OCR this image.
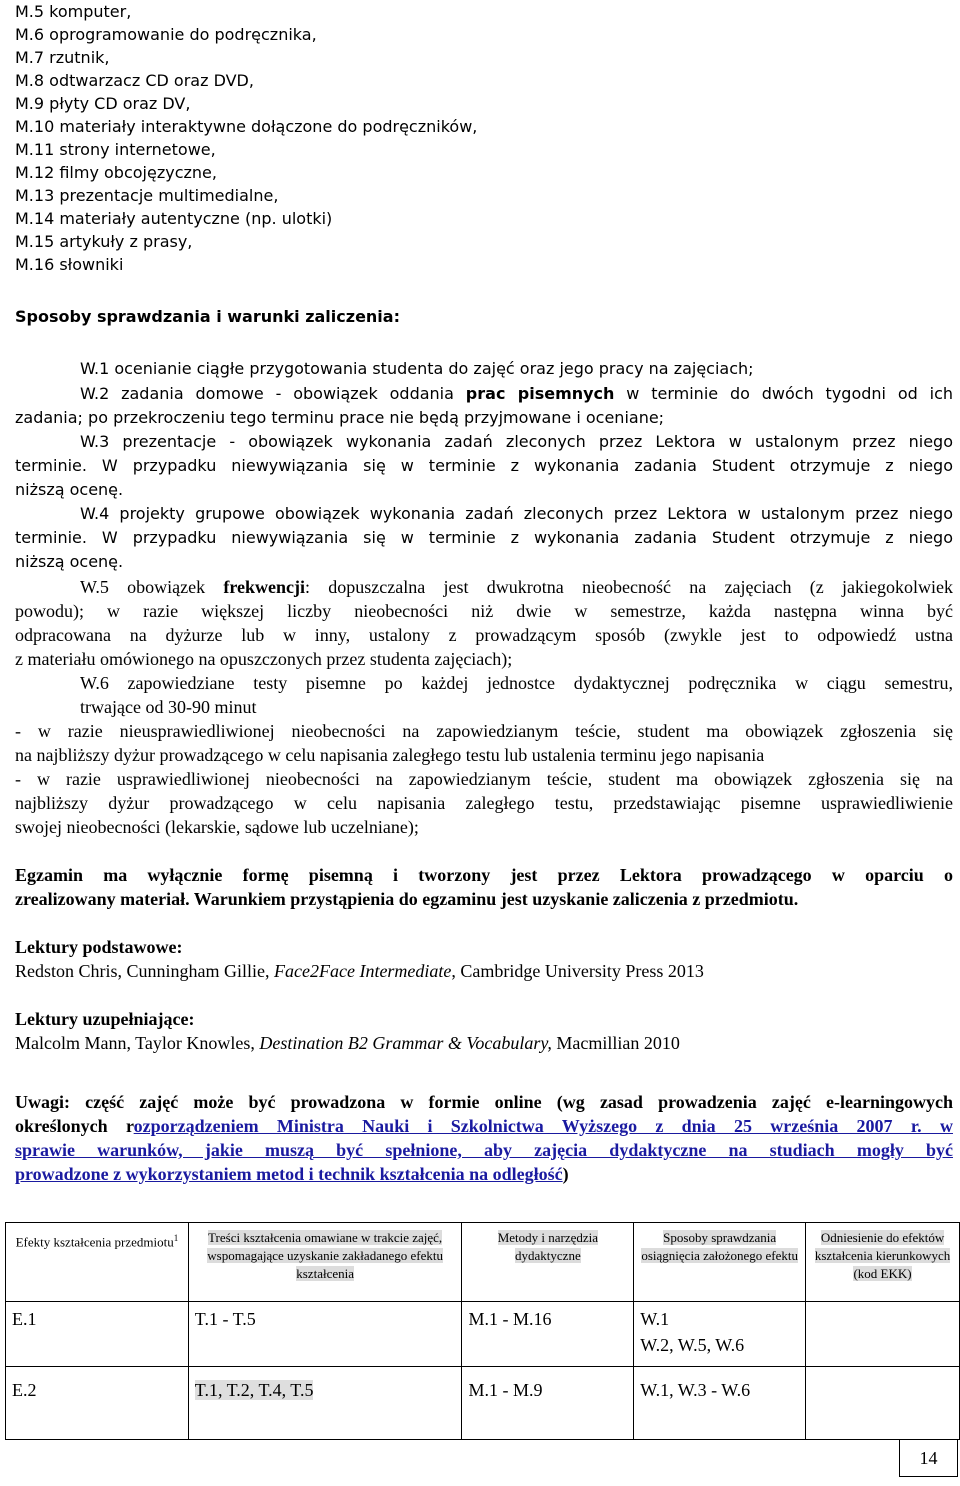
M.5 komputer,
M.6 oprogramowanie do podręcznika,
M.7 rzutnik,
M.8 odtwarzacz CD oraz DVD,
M.9 płyty CD oraz DV,
M.10 materiały interaktywne dołączone do podręczników,
M.11 strony internetowe,
M.12 filmy obcojęzyczne,
M.13 prezentacje multimedialne,
M.14 materiały autentyczne (np. ulotki)
M.15 artykuły z prasy,
M.16 słowniki
Sposoby sprawdzania i warunki zaliczenia:
W.1 ocenianie ciągłe przygotowania studenta do zajęć oraz jego pracy na zajęciach;
W.2 zadania domowe - obowiązek oddania prac pisemnych w terminie do dwóch tygodni od ich
zadania; po przekroczeniu tego terminu prace nie będą przyjmowane i oceniane;
W.3 prezentacje - obowiązek wykonania zadań zleconych przez Lektora w ustalonym przez niego
terminie. W przypadku niewywiązania się w terminie z wykonania zadania Student otrzymuje z niego
niższą ocenę.
W.4 projekty grupowe obowiązek wykonania zadań zleconych przez Lektora w ustalonym przez niego
terminie. W przypadku niewywiązania się w terminie z wykonania zadania Student otrzymuje z niego
niższą ocenę.
W.5 obowiązek frekwencji: dopuszczalna jest dwukrotna nieobecność na zajęciach (z jakiegokolwiek
powodu); w razie większej liczby nieobecności niż dwie w semestrze, każda następna winna być
odpracowana na dyżurze lub w inny, ustalony z prowadzącym sposób (zwykle jest to odpowiedź ustna
z materiału omówionego na opuszczonych przez studenta zajęciach);
W.6 zapowiedziane testy pisemne po każdej jednostce dydaktycznej podręcznika w ciągu semestru,
trwające od 30-90 minut
- w razie nieusprawiedliwionej nieobecności na zapowiedzianym teście, student ma obowiązek zgłoszenia się
na najbliższy dyżur prowadzącego w celu napisania zaległego testu lub ustalenia terminu jego napisania
- w razie usprawiedliwionej nieobecności na zapowiedzianym teście, student ma obowiązek zgłoszenia się na
najbliższy dyżur prowadzącego w celu napisania zaległego testu, przedstawiając pisemne usprawiedliwienie
swojej nieobecności (lekarskie, sądowe lub uczelniane);
Egzamin ma wyłącznie formę pisemną i tworzony jest przez Lektora prowadzącego w oparciu o
zrealizowany materiał. Warunkiem przystąpienia do egzaminu jest uzyskanie zaliczenia z przedmiotu.
Lektury podstawowe:
Redston Chris, Cunningham Gillie, Face2Face Intermediate, Cambridge University Press 2013
Lektury uzupełniające:
Malcolm Mann, Taylor Knowles, Destination B2 Grammar & Vocabulary, Macmillian 2010
Uwagi: część zajęć może być prowadzona w formie online (wg zasad prowadzenia zajęć e-learningowych
określonych rozporządzeniem Ministra Nauki i Szkolnictwa Wyższego z dnia 25 września 2007 r. w
sprawie warunków, jakie muszą być spełnione, aby zajęcia dydaktyczne na studiach mogły być
prowadzone z wykorzystaniem metod i technik kształcenia na odległość)
Efekty kształcenia przedmiotu$^1$	Treści kształcenia omawiane w trakcie zajęć, wspomagające uzyskanie zakładanego efektu kształcenia	Metody i narzędzia dydaktyczne	Sposoby sprawdzania osiągnięcia założonego efektu	Odniesienie do efektów kształcenia kierunkowych (kod EKK)
E.1	T.1 - T.5	M.1 - M.16	W.1
W.2, W.5, W.6	

E.2	T.1, T.2, T.4, T.5	M.1 - M.9	W.1, W.3 - W.6	
14
